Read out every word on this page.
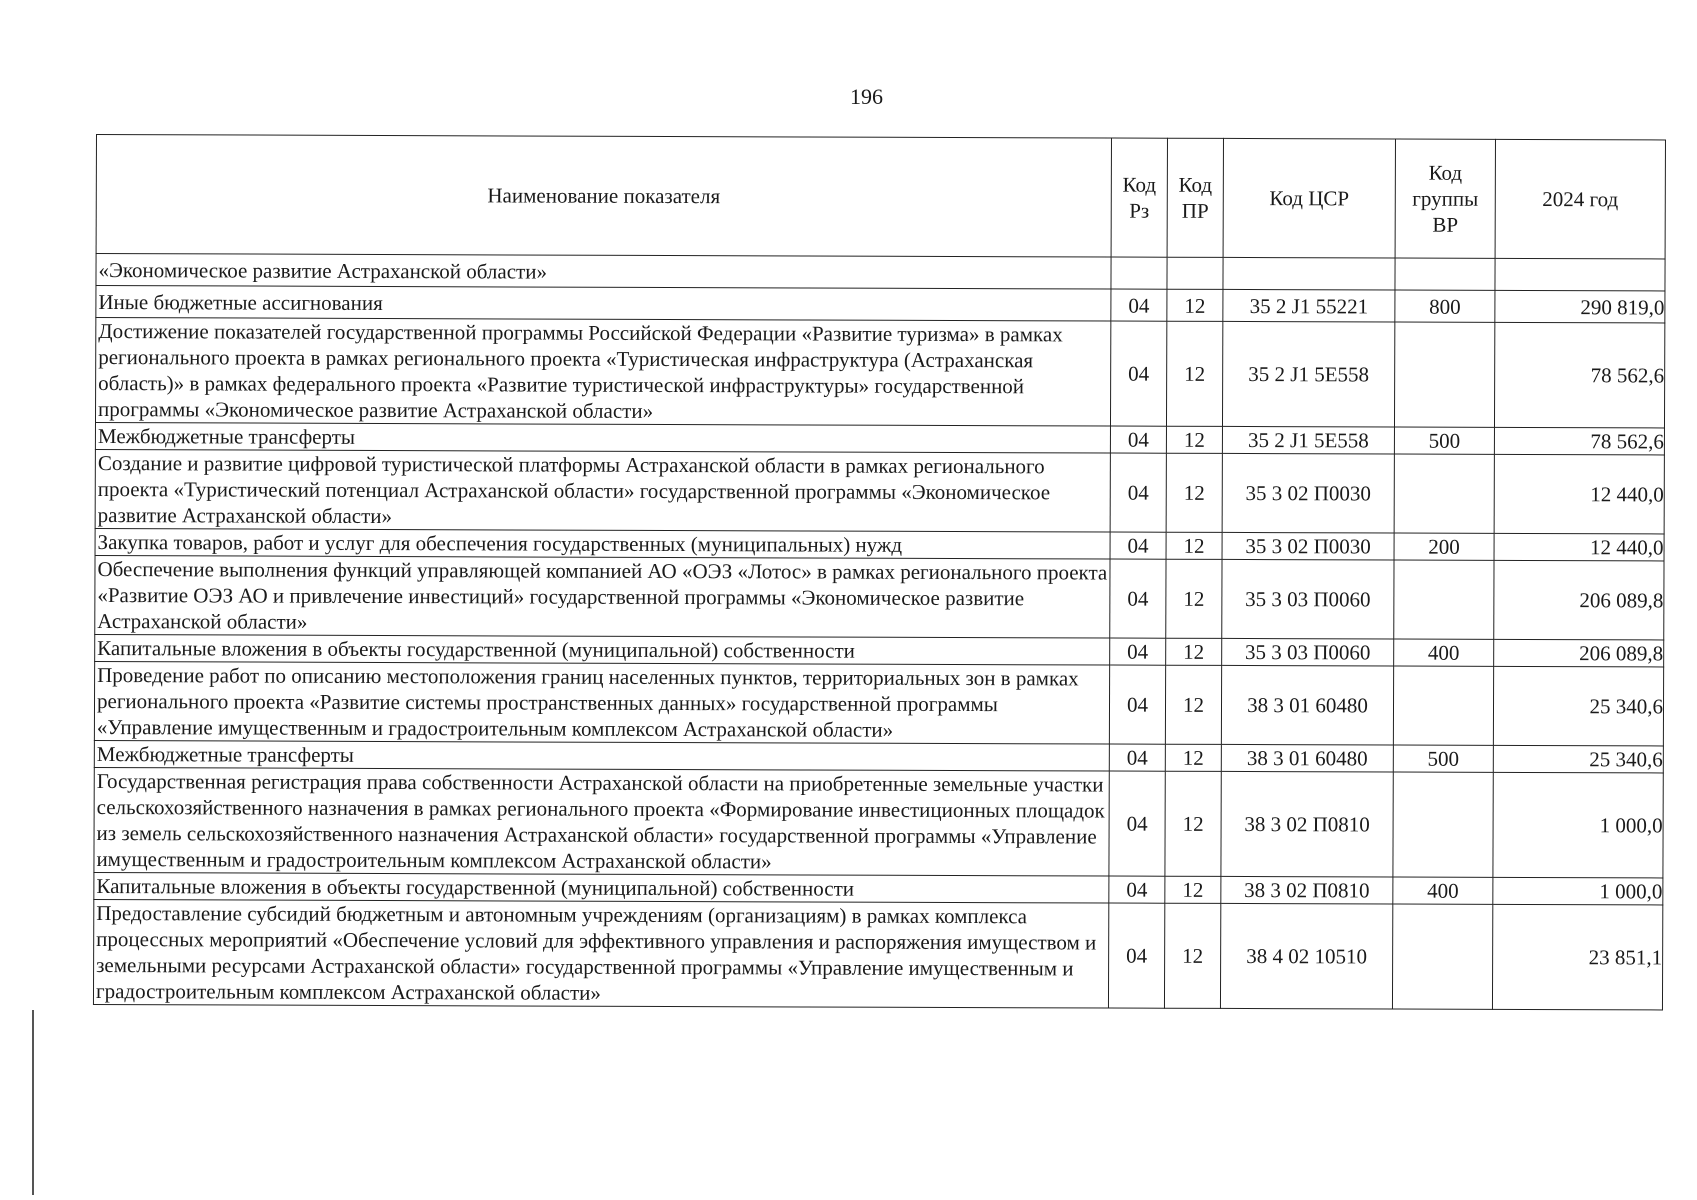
196
Наименование показателя	Код Рз	Код ПР	Код ЦСР	Код группы ВР	2024 год
«Экономическое развитие Астраханской области»					
Иные бюджетные ассигнования	04	12	35 2 J1 55221	800	290 819,0
Достижение показателей государственной программы Российской Федерации «Развитие туризма» в рамках регионального проекта в рамках регионального проекта «Туристическая инфраструктура (Астраханская область)» в рамках федерального проекта «Развитие туристической инфраструктуры» государственной программы «Экономическое развитие Астраханской области»	04	12	35 2 J1 5Е558		78 562,6
Межбюджетные трансферты	04	12	35 2 J1 5Е558	500	78 562,6
Создание и развитие цифровой туристической платформы Астраханской области в рамках регионального проекта «Туристический потенциал Астраханской области» государственной программы «Экономическое развитие Астраханской области»	04	12	35 3 02 П0030		12 440,0
Закупка товаров, работ и услуг для обеспечения государственных (муниципальных) нужд	04	12	35 3 02 П0030	200	12 440,0
Обеспечение выполнения функций управляющей компанией АО «ОЭЗ «Лотос» в рамках регионального проекта «Развитие ОЭЗ АО и привлечение инвестиций» государственной программы «Экономическое развитие Астраханской области»	04	12	35 3 03 П0060		206 089,8
Капитальные вложения в объекты государственной (муниципальной) собственности	04	12	35 3 03 П0060	400	206 089,8
Проведение работ по описанию местоположения границ населенных пунктов, территориальных зон в рамках регионального проекта «Развитие системы пространственных данных» государственной программы «Управление имущественным и градостроительным комплексом Астраханской области»	04	12	38 3 01 60480		25 340,6
Межбюджетные трансферты	04	12	38 3 01 60480	500	25 340,6
Государственная регистрация права собственности Астраханской области на приобретенные земельные участки сельскохозяйственного назначения в рамках регионального проекта «Формирование инвестиционных площадок из земель сельскохозяйственного назначения Астраханской области» государственной программы «Управление имущественным и градостроительным комплексом Астраханской области»	04	12	38 3 02 П0810		1 000,0
Капитальные вложения в объекты государственной (муниципальной) собственности	04	12	38 3 02 П0810	400	1 000,0
Предоставление субсидий бюджетным и автономным учреждениям (организациям) в рамках комплекса процессных мероприятий «Обеспечение условий для эффективного управления и распоряжения имуществом и земельными ресурсами Астраханской области» государственной программы «Управление имущественным и градостроительным комплексом Астраханской области»	04	12	38 4 02 10510		23 851,1
